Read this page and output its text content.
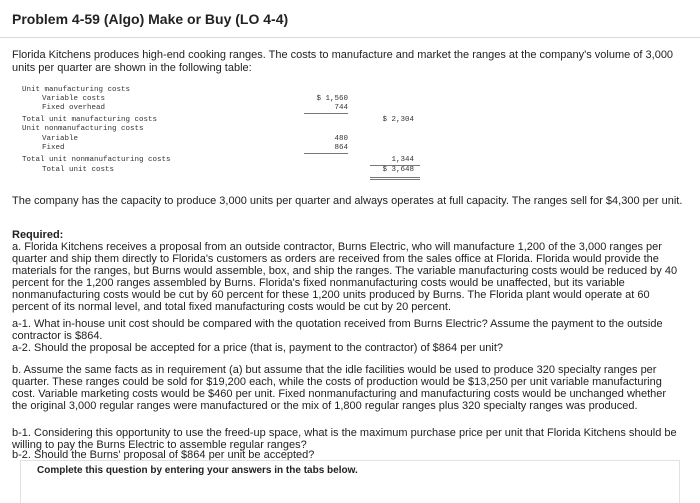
Problem 4-59 (Algo) Make or Buy (LO 4-4)
Florida Kitchens produces high-end cooking ranges. The costs to manufacture and market the ranges at the company's volume of 3,000 units per quarter are shown in the following table:
Unit manufacturing costs
Variable costs	$ 1,560
Fixed overhead	744
Total unit manufacturing costs	$ 2,304
Unit nonmanufacturing costs
Variable	480
Fixed	864
Total unit nonmanufacturing costs	1,344
Total unit costs	$ 3,648
The company has the capacity to produce 3,000 units per quarter and always operates at full capacity. The ranges sell for $4,300 per unit.
Required:
a. Florida Kitchens receives a proposal from an outside contractor, Burns Electric, who will manufacture 1,200 of the 3,000 ranges per quarter and ship them directly to Florida's customers as orders are received from the sales office at Florida. Florida would provide the materials for the ranges, but Burns would assemble, box, and ship the ranges. The variable manufacturing costs would be reduced by 40 percent for the 1,200 ranges assembled by Burns. Florida's fixed nonmanufacturing costs would be unaffected, but its variable nonmanufacturing costs would be cut by 60 percent for these 1,200 units produced by Burns. The Florida plant would operate at 60 percent of its normal level, and total fixed manufacturing costs would be cut by 20 percent.
a-1. What in-house unit cost should be compared with the quotation received from Burns Electric? Assume the payment to the outside contractor is $864.
a-2. Should the proposal be accepted for a price (that is, payment to the contractor) of $864 per unit?
b. Assume the same facts as in requirement (a) but assume that the idle facilities would be used to produce 320 specialty ranges per quarter. These ranges could be sold for $19,200 each, while the costs of production would be $13,250 per unit variable manufacturing cost. Variable marketing costs would be $460 per unit. Fixed nonmanufacturing and manufacturing costs would be unchanged whether the original 3,000 regular ranges were manufactured or the mix of 1,800 regular ranges plus 320 specialty ranges was produced.
b-1. Considering this opportunity to use the freed-up space, what is the maximum purchase price per unit that Florida Kitchens should be willing to pay the Burns Electric to assemble regular ranges?
b-2. Should the Burns' proposal of $864 per unit be accepted?
Complete this question by entering your answers in the tabs below.
